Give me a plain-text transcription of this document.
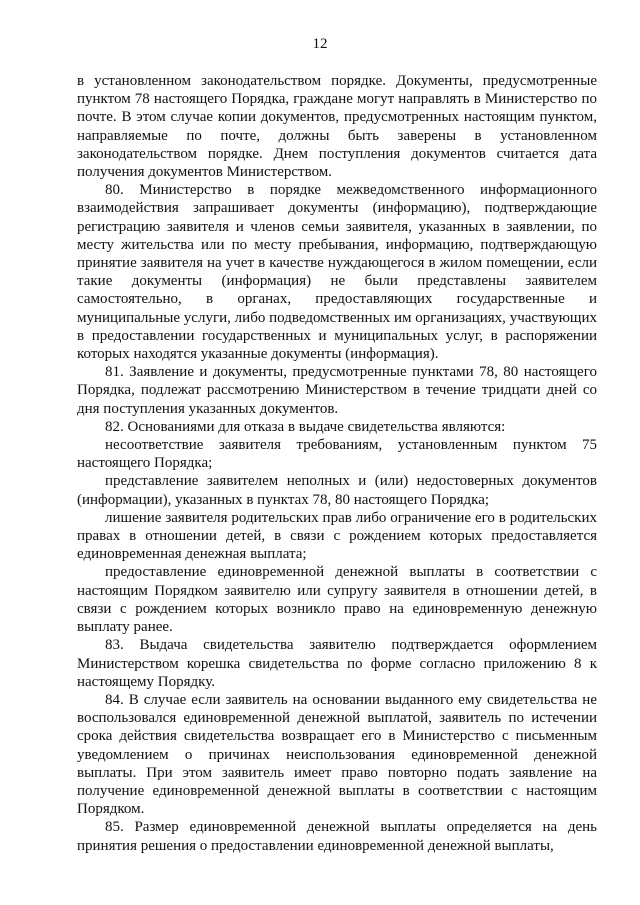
12

в установленном законодательством порядке. Документы, предусмотренные пунктом 78 настоящего Порядка, граждане могут направлять в Министерство по почте. В этом случае копии документов, предусмотренных настоящим пунктом, направляемые по почте, должны быть заверены в установленном законодательством порядке. Днем поступления документов считается дата получения документов Министерством.

80. Министерство в порядке межведомственного информационного взаимодействия запрашивает документы (информацию), подтверждающие регистрацию заявителя и членов семьи заявителя, указанных в заявлении, по месту жительства или по месту пребывания, информацию, подтверждающую принятие заявителя на учет в качестве нуждающегося в жилом помещении, если такие документы (информация) не были представлены заявителем самостоятельно, в органах, предоставляющих государственные и муниципальные услуги, либо подведомственных им организациях, участвующих в предоставлении государственных и муниципальных услуг, в распоряжении которых находятся указанные документы (информация).

81. Заявление и документы, предусмотренные пунктами 78, 80 настоящего Порядка, подлежат рассмотрению Министерством в течение тридцати дней со дня поступления указанных документов.

82. Основаниями для отказа в выдаче свидетельства являются:

несоответствие заявителя требованиям, установленным пунктом 75 настоящего Порядка;

представление заявителем неполных и (или) недостоверных документов (информации), указанных в пунктах 78, 80 настоящего Порядка;

лишение заявителя родительских прав либо ограничение его в родительских правах в отношении детей, в связи с рождением которых предоставляется единовременная денежная выплата;

предоставление единовременной денежной выплаты в соответствии с настоящим Порядком заявителю или супругу заявителя в отношении детей, в связи с рождением которых возникло право на единовременную денежную выплату ранее.

83. Выдача свидетельства заявителю подтверждается оформлением Министерством корешка свидетельства по форме согласно приложению 8 к настоящему Порядку.

84. В случае если заявитель на основании выданного ему свидетельства не воспользовался единовременной денежной выплатой, заявитель по истечении срока действия свидетельства возвращает его в Министерство с письменным уведомлением о причинах неиспользования единовременной денежной выплаты. При этом заявитель имеет право повторно подать заявление на получение единовременной денежной выплаты в соответствии с настоящим Порядком.

85. Размер единовременной денежной выплаты определяется на день принятия решения о предоставлении единовременной денежной выплаты,
